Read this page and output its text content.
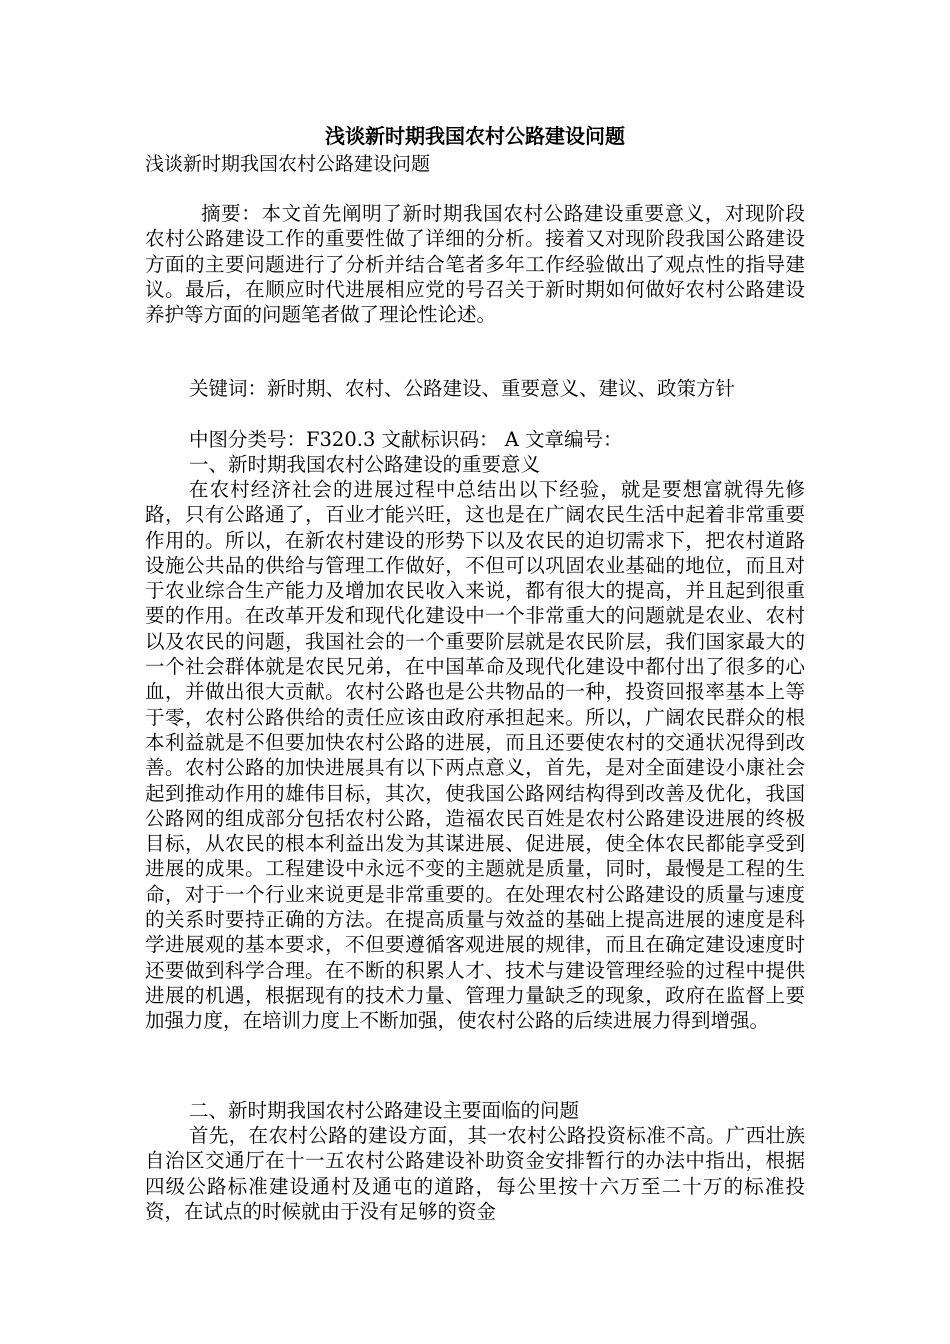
浅谈新时期我国农村公路建设问题
浅谈新时期我国农村公路建设问题

摘要：本文首先阐明了新时期我国农村公路建设重要意义，对现阶段农村公路建设工作的重要性做了详细的分析。接着又对现阶段我国公路建设方面的主要问题进行了分析并结合笔者多年工作经验做出了观点性的指导建议。最后，在顺应时代进展相应党的号召关于新时期如何做好农村公路建设养护等方面的问题笔者做了理论性论述。

关键词：新时期、农村、公路建设、重要意义、建议、政策方针

中图分类号：F320.3 文献标识码： A 文章编号：

一、新时期我国农村公路建设的重要意义

在农村经济社会的进展过程中总结出以下经验，就是要想富就得先修路，只有公路通了，百业才能兴旺，这也是在广阔农民生活中起着非常重要作用的。所以，在新农村建设的形势下以及农民的迫切需求下，把农村道路设施公共品的供给与管理工作做好，不但可以巩固农业基础的地位，而且对于农业综合生产能力及增加农民收入来说，都有很大的提高，并且起到很重要的作用。在改革开发和现代化建设中一个非常重大的问题就是农业、农村以及农民的问题，我国社会的一个重要阶层就是农民阶层，我们国家最大的一个社会群体就是农民兄弟，在中国革命及现代化建设中都付出了很多的心血，并做出很大贡献。农村公路也是公共物品的一种，投资回报率基本上等于零，农村公路供给的责任应该由政府承担起来。所以，广阔农民群众的根本利益就是不但要加快农村公路的进展，而且还要使农村的交通状况得到改善。农村公路的加快进展具有以下两点意义，首先，是对全面建设小康社会起到推动作用的雄伟目标，其次，使我国公路网结构得到改善及优化，我国公路网的组成部分包括农村公路，造福农民百姓是农村公路建设进展的终极目标，从农民的根本利益出发为其谋进展、促进展，使全体农民都能享受到进展的成果。工程建设中永远不变的主题就是质量，同时，最慢是工程的生命，对于一个行业来说更是非常重要的。在处理农村公路建设的质量与速度的关系时要持正确的方法。在提高质量与效益的基础上提高进展的速度是科学进展观的基本要求，不但要遵循客观进展的规律，而且在确定建设速度时还要做到科学合理。在不断的积累人才、技术与建设管理经验的过程中提供进展的机遇，根据现有的技术力量、管理力量缺乏的现象，政府在监督上要加强力度，在培训力度上不断加强，使农村公路的后续进展力得到增强。

二、新时期我国农村公路建设主要面临的问题

首先，在农村公路的建设方面，其一农村公路投资标准不高。广西壮族自治区交通厅在十一五农村公路建设补助资金安排暂行的办法中指出，根据四级公路标准建设通村及通屯的道路，每公里按十六万至二十万的标准投资，在试点的时候就由于没有足够的资金
